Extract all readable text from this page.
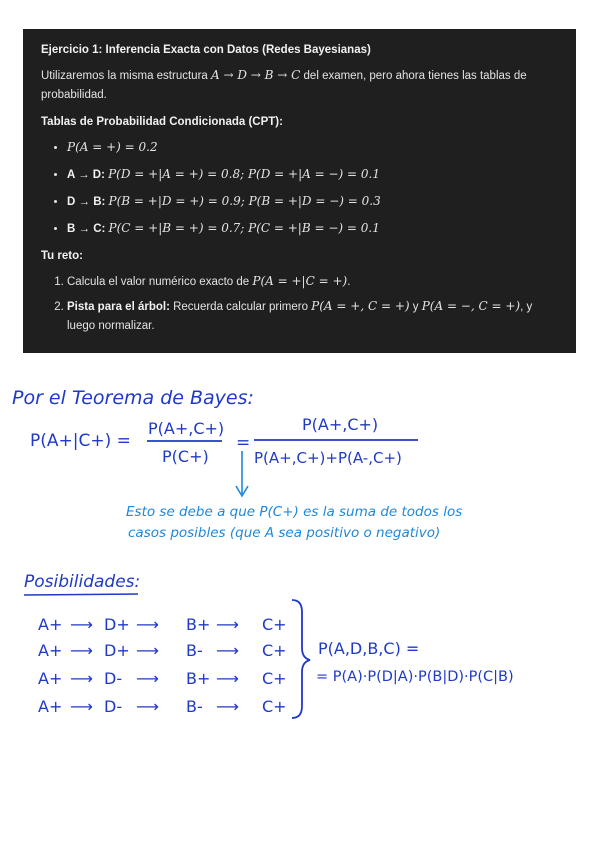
Ejercicio 1: Inferencia Exacta con Datos (Redes Bayesianas)

Utilizaremos la misma estructura A → D → B → C del examen, pero ahora tienes las tablas de probabilidad.

Tablas de Probabilidad Condicionada (CPT):
• P(A = +) = 0.2
• A → D: P(D = +|A = +) = 0.8; P(D = +|A = −) = 0.1
• D → B: P(B = +|D = +) = 0.9; P(B = +|D = −) = 0.3
• B → C: P(C = +|B = +) = 0.7; P(C = +|B = −) = 0.1
Tu reto:
1. Calcula el valor numérico exacto de P(A = +|C = +).
2. Pista para el árbol: Recuerda calcular primero P(A = +, C = +) y P(A = −, C = +), y luego normalizar.
Por el Teorema de Bayes:
P(A+|C+) =
P(A+,C+)
P(C+)
=
P(A+,C+)
P(A+,C+)+P(A-,C+)
Esto se debe a que P(C+) es la suma de todos los
casos posibles (que A sea positivo o negativo)
Posibilidades:
A+ ⟶ D+ ⟶ B+ ⟶ C+
A+ ⟶ D+ ⟶ B- ⟶ C+
A+ ⟶ D- ⟶ B+ ⟶ C+
A+ ⟶ D- ⟶ B- ⟶ C+
P(A,D,B,C) =
= P(A)·P(D|A)·P(B|D)·P(C|B)
